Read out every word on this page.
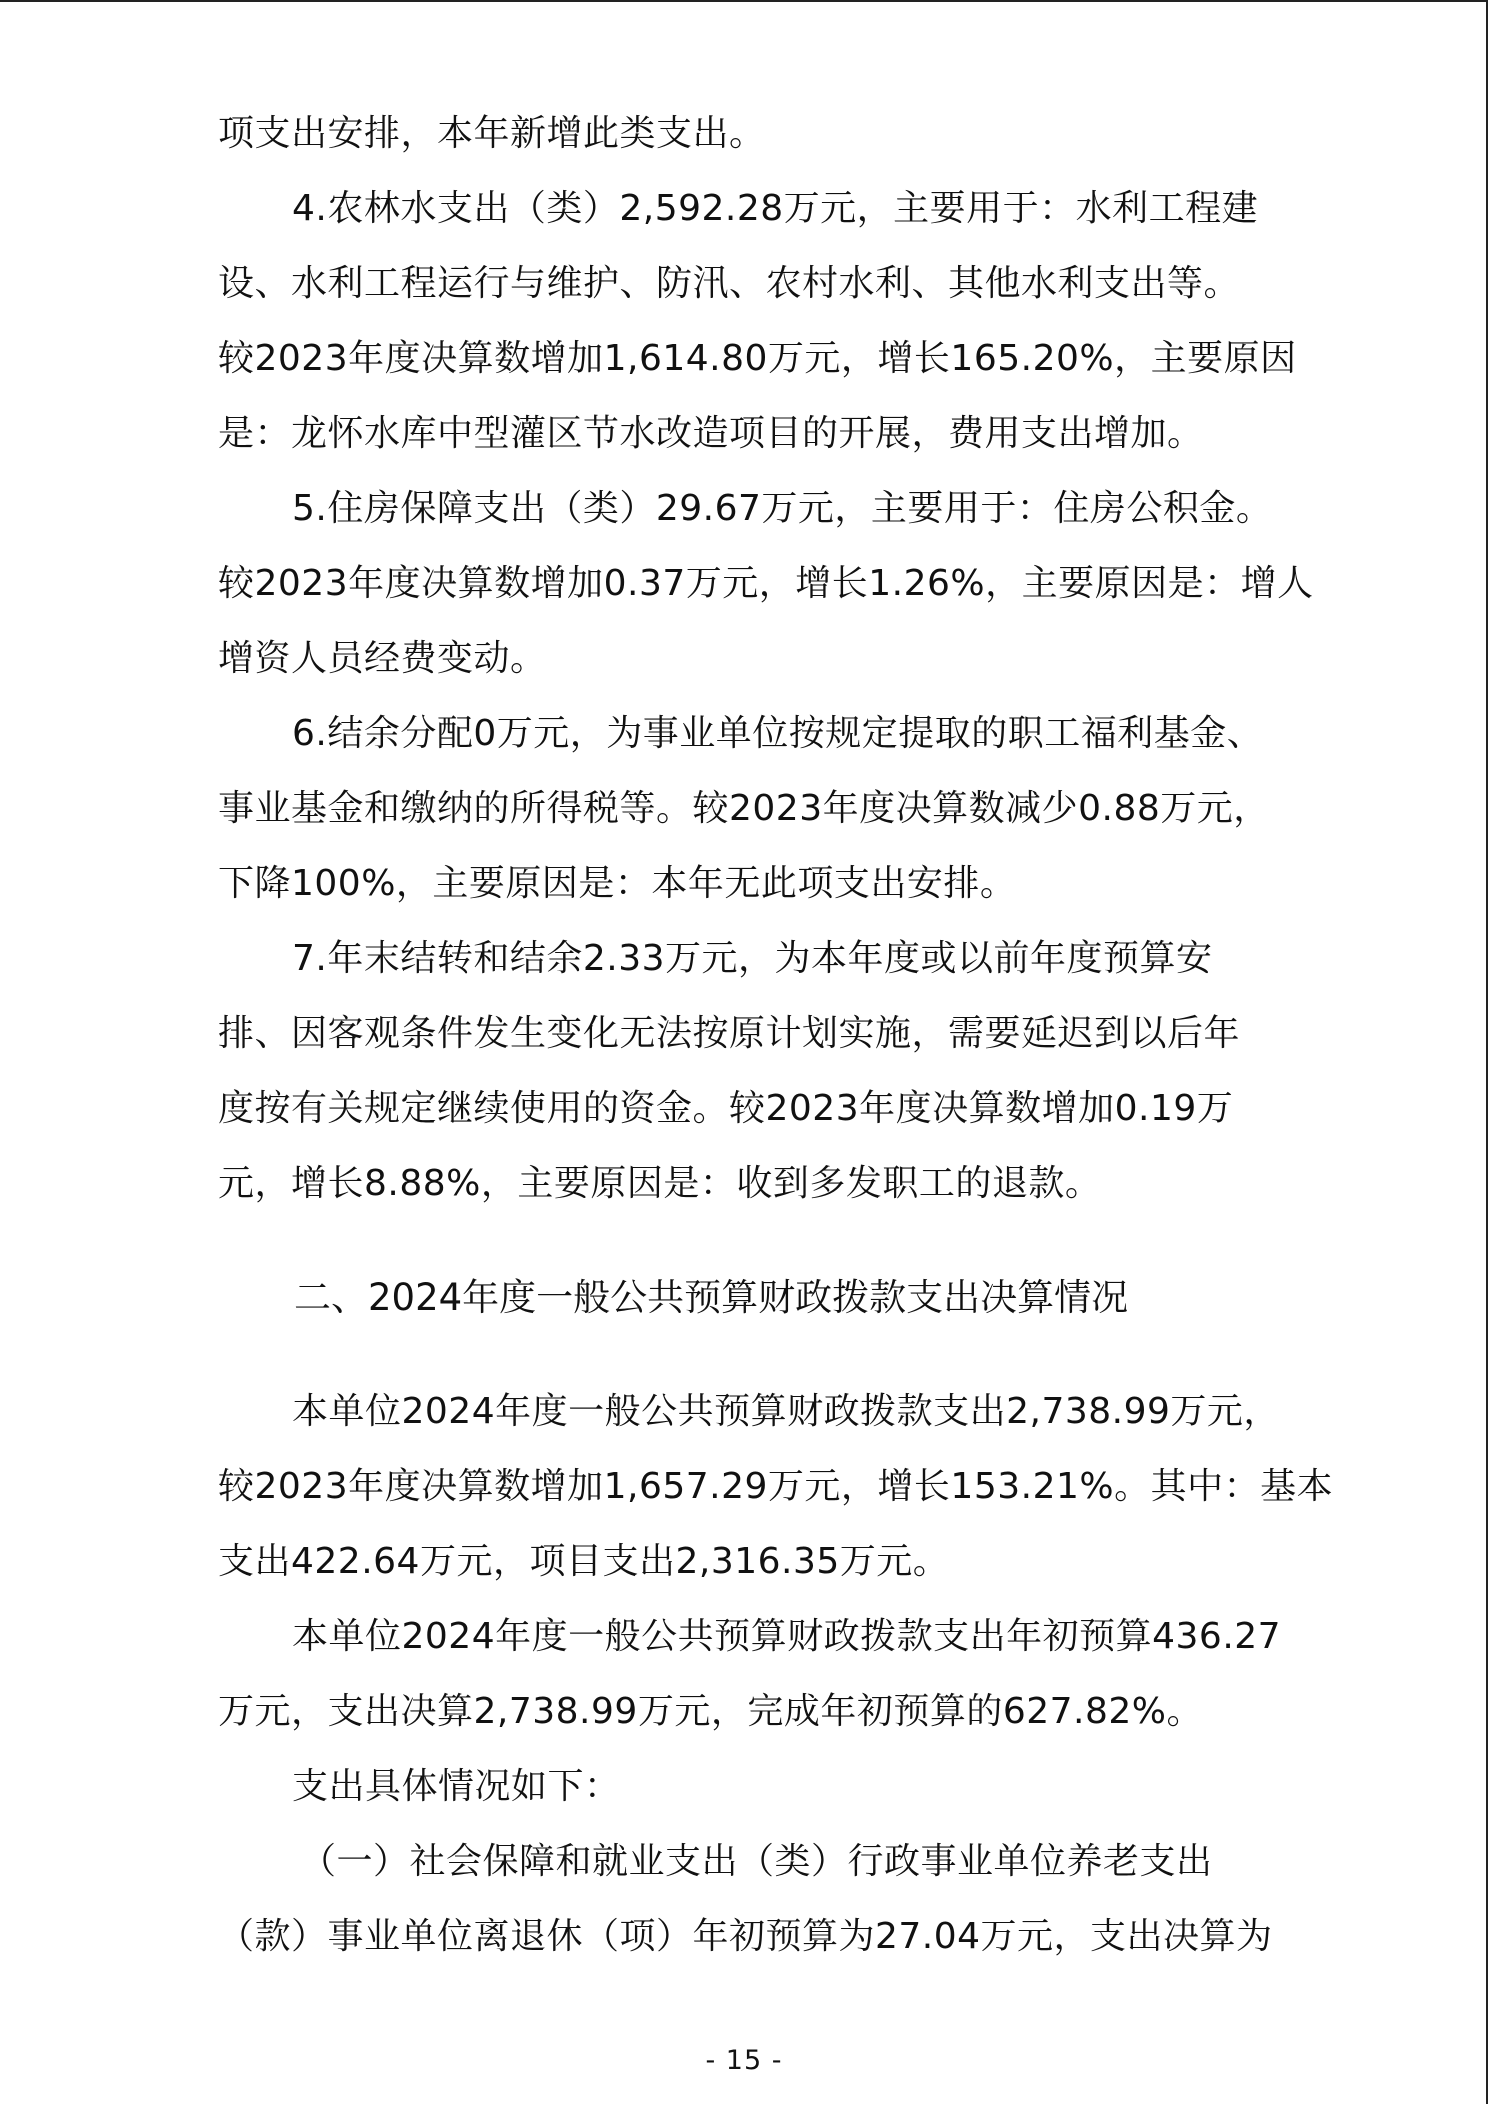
项支出安排，本年新增此类支出。
4.农林水支出（类）2,592.28万元，主要用于：水利工程建
设、水利工程运行与维护、防汛、农村水利、其他水利支出等。
较2023年度决算数增加1,614.80万元，增长165.20%，主要原因
是：龙怀水库中型灌区节水改造项目的开展，费用支出增加。
5.住房保障支出（类）29.67万元，主要用于：住房公积金。
较2023年度决算数增加0.37万元，增长1.26%，主要原因是：增人
增资人员经费变动。
6.结余分配0万元，为事业单位按规定提取的职工福利基金、
事业基金和缴纳的所得税等。较2023年度决算数减少0.88万元，
下降100%，主要原因是：本年无此项支出安排。
7.年末结转和结余2.33万元，为本年度或以前年度预算安
排、因客观条件发生变化无法按原计划实施，需要延迟到以后年
度按有关规定继续使用的资金。较2023年度决算数增加0.19万
元，增长8.88%，主要原因是：收到多发职工的退款。
二、2024年度一般公共预算财政拨款支出决算情况
本单位2024年度一般公共预算财政拨款支出2,738.99万元，
较2023年度决算数增加1,657.29万元，增长153.21%。其中：基本
支出422.64万元，项目支出2,316.35万元。
本单位2024年度一般公共预算财政拨款支出年初预算436.27
万元，支出决算2,738.99万元，完成年初预算的627.82%。
支出具体情况如下：
（一）社会保障和就业支出（类）行政事业单位养老支出
（款）事业单位离退休（项）年初预算为27.04万元，支出决算为
- 15 -
